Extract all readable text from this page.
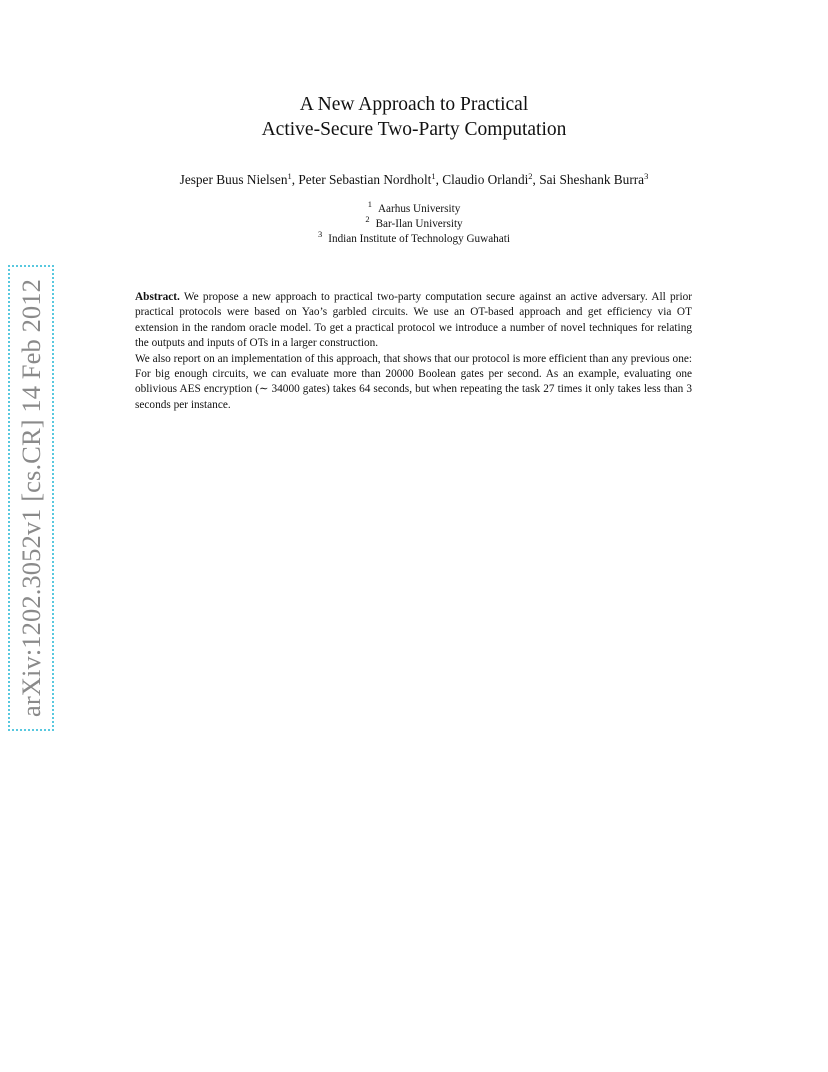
arXiv:1202.3052v1 [cs.CR] 14 Feb 2012
A New Approach to Practical
Active-Secure Two-Party Computation
Jesper Buus Nielsen$^1$, Peter Sebastian Nordholt$^1$, Claudio Orlandi$^2$, Sai Sheshank Burra$^3$
$^1$ Aarhus University
$^2$ Bar-Ilan University
$^3$ Indian Institute of Technology Guwahati

Abstract. We propose a new approach to practical two-party computation secure against an active adversary. All prior practical protocols were based on Yao’s garbled circuits. We use an OT-based approach and get efficiency via OT extension in the random oracle model. To get a practical protocol we introduce a number of novel techniques for relating the outputs and inputs of OTs in a larger construction.

We also report on an implementation of this approach, that shows that our protocol is more efficient than any previous one: For big enough circuits, we can evaluate more than 20000 Boolean gates per second. As an example, evaluating one oblivious AES encryption (∼ 34000 gates) takes 64 seconds, but when repeating the task 27 times it only takes less than 3 seconds per instance.
